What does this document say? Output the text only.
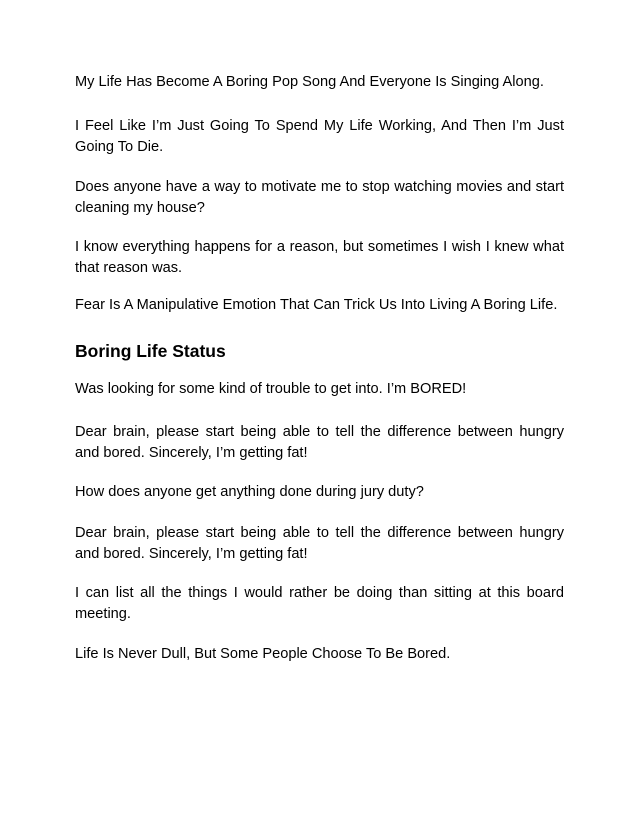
My Life Has Become A Boring Pop Song And Everyone Is Singing Along.

I Feel Like I’m Just Going To Spend My Life Working, And Then I’m Just Going To Die.

Does anyone have a way to motivate me to stop watching movies and start cleaning my house?

I know everything happens for a reason, but sometimes I wish I knew what that reason was.

Fear Is A Manipulative Emotion That Can Trick Us Into Living A Boring Life.

Boring Life Status

Was looking for some kind of trouble to get into. I’m BORED!

Dear brain, please start being able to tell the difference between hungry and bored. Sincerely, I’m getting fat!

How does anyone get anything done during jury duty?

Dear brain, please start being able to tell the difference between hungry and bored. Sincerely, I’m getting fat!

I can list all the things I would rather be doing than sitting at this board meeting.

Life Is Never Dull, But Some People Choose To Be Bored.
